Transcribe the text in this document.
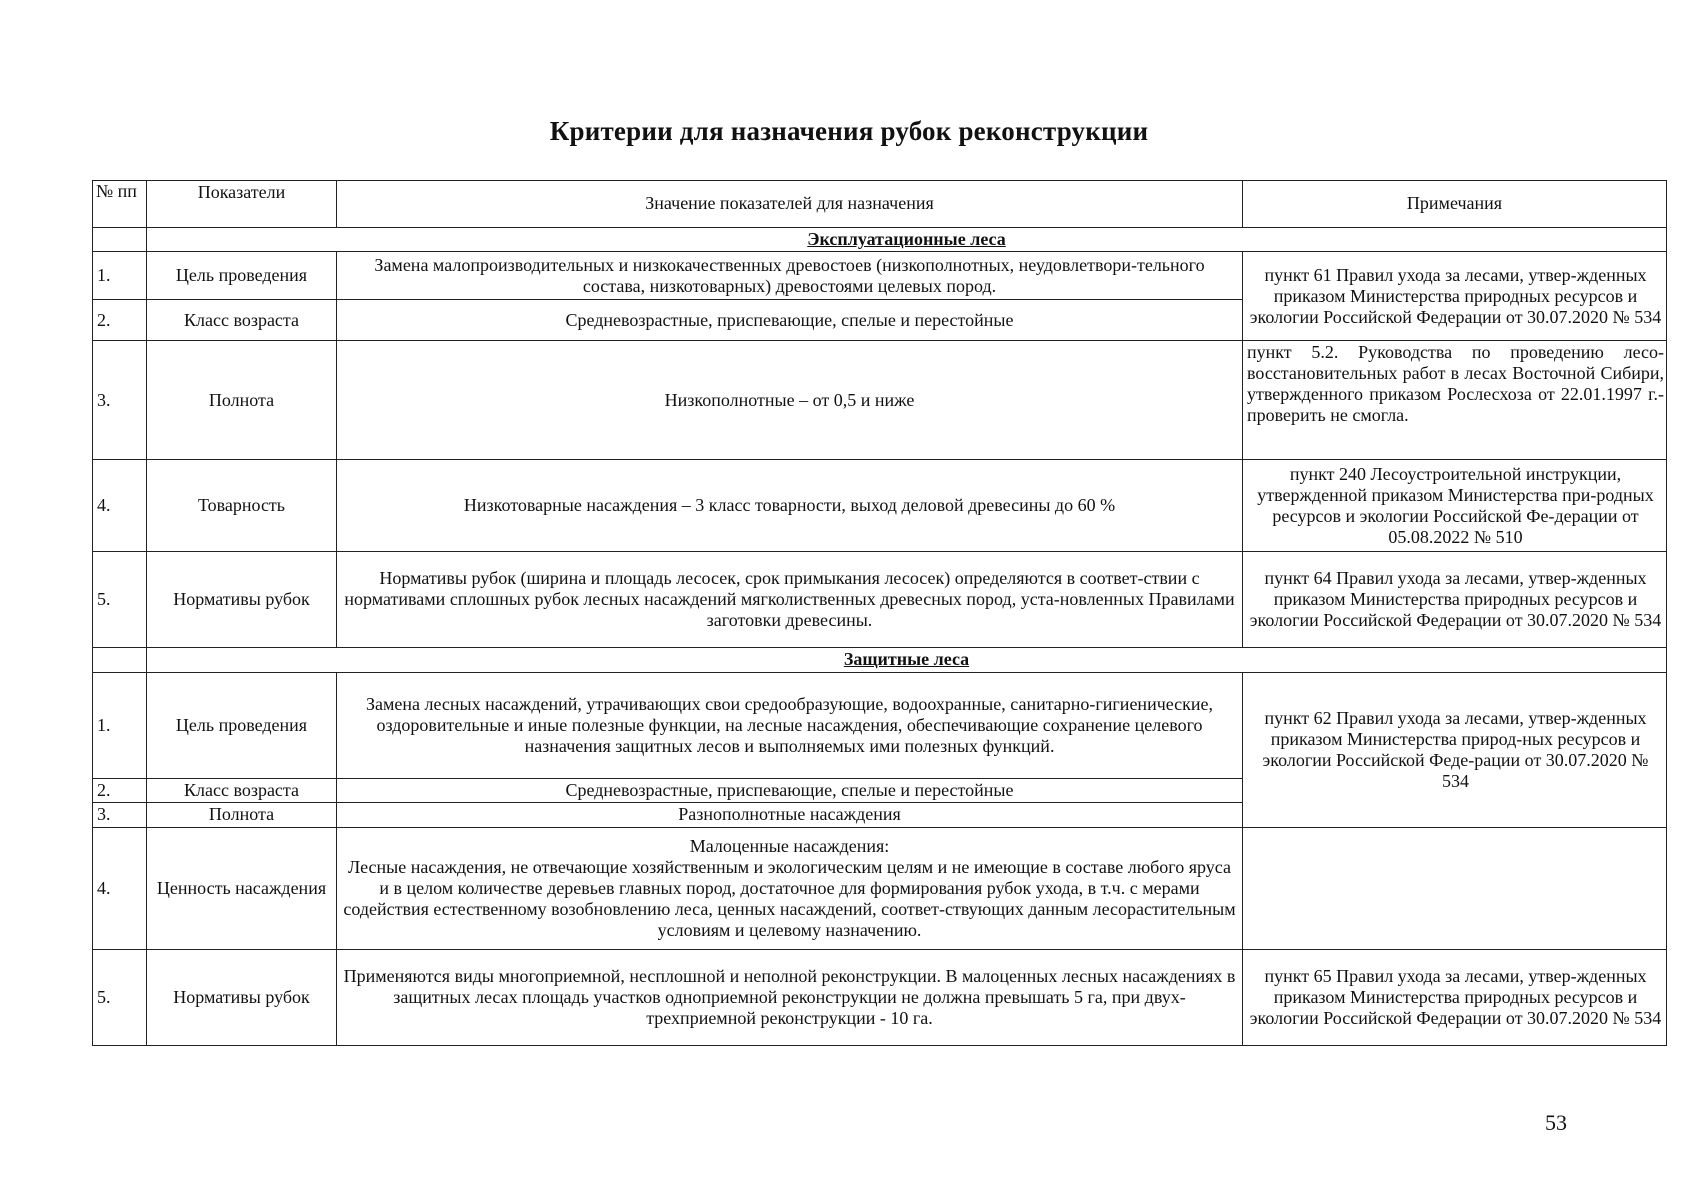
Критерии для назначения рубок реконструкции
№ пп	Показатели	Значение показателей для назначения	Примечания
	Эксплуатационные леса		
1.	Цель проведения	Замена малопроизводительных и низкокачественных древостоев (низкополнотных, неудовлетвори-тельного состава, низкотоварных) древостоями целевых пород.	пункт 61 Правил ухода за лесами, утвер-жденных приказом Министерства природных ресурсов и экологии Российской Федерации от 30.07.2020 № 534
2.	Класс возраста	Средневозрастные, приспевающие, спелые и перестойные	
3.	Полнота	Низкополнотные – от 0,5 и ниже	пункт 5.2. Руководства по проведению лесо-восстановительных работ в лесах Восточной Сибири, утвержденного приказом Рослесхоза от 22.01.1997 г.- проверить не смогла.
4.	Товарность	Низкотоварные насаждения – 3 класс товарности, выход деловой древесины до 60 %	пункт 240 Лесоустроительной инструкции, утвержденной приказом Министерства при-родных ресурсов и экологии Российской Фе-дерации от 05.08.2022 № 510
5.	Нормативы рубок	Нормативы рубок (ширина и площадь лесосек, срок примыкания лесосек) определяются в соответ-ствии с нормативами сплошных рубок лесных насаждений мягколиственных древесных пород, уста-новленных Правилами заготовки древесины.	пункт 64 Правил ухода за лесами, утвер-жденных приказом Министерства природных ресурсов и экологии Российской Федерации от 30.07.2020 № 534
	Защитные леса		
1.	Цель проведения	Замена лесных насаждений, утрачивающих свои средообразующие, водоохранные, санитарно-гигиенические, оздоровительные и иные полезные функции, на лесные насаждения, обеспечивающие сохранение целевого назначения защитных лесов и выполняемых ими полезных функций.	пункт 62 Правил ухода за лесами, утвер-жденных приказом Министерства природ-ных ресурсов и экологии Российской Феде-рации от 30.07.2020 № 534
2.	Класс возраста	Средневозрастные, приспевающие, спелые и перестойные	
3.	Полнота	Разнополнотные насаждения	
4.	Ценность насаждения	Малоценные насаждения:
Лесные насаждения, не отвечающие хозяйственным и экологическим целям и не имеющие в составе любого яруса и в целом количестве деревьев главных пород, достаточное для формирования рубок ухода, в т.ч. с мерами содействия естественному возобновлению леса, ценных насаждений, соответ-ствующих данным лесорастительным условиям и целевому назначению.	

5.	Нормативы рубок	Применяются виды многоприемной, несплошной и неполной реконструкции. В малоценных лесных насаждениях в защитных лесах площадь участков одноприемной реконструкции не должна превышать 5 га, при двух-трехприемной реконструкции - 10 га.	пункт 65 Правил ухода за лесами, утвер-жденных приказом Министерства природных ресурсов и экологии Российской Федерации от 30.07.2020 № 534
53
